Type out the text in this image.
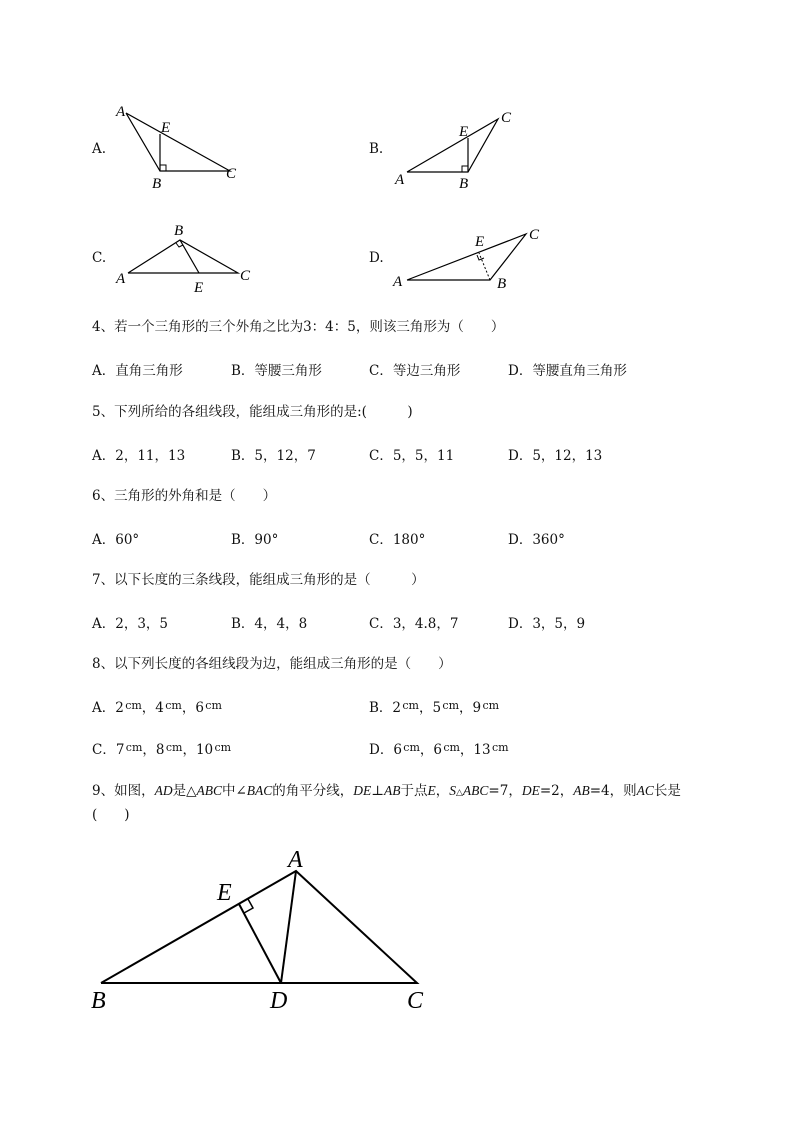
A.
A
E
B
C
B.
A
E
B
C
C.
A
B
E
C
D.
A
E
B
C
4、若一个三角形的三个外角之比为3：4：5，则该三角形为（　　）
A．直角三角形	B．等腰三角形	C．等边三角形	D．等腰直角三角形
5、下列所给的各组线段，能组成三角形的是:(　　　)
A．2，11，13	B．5，12，7	C．5，5，11	D．5，12，13
6、三角形的外角和是（　　）
A．60°	B．90°	C．180°	D．360°
7、以下长度的三条线段，能组成三角形的是（　　　）
A．2，3，5	B．4，4，8	C．3，4.8，7	D．3，5，9
8、以下列长度的各组线段为边，能组成三角形的是（　　）
A．2 $^{cm}$，4 $^{cm}$，6 $^{cm}$	B．2 $^{cm}$，5 $^{cm}$，9 $^{cm}$
C．7 $^{cm}$，8 $^{cm}$，10 $^{cm}$	D．6 $^{cm}$，6 $^{cm}$，13 $^{cm}$
9、如图，AD是△ABC中∠BAC的角平分线，DE⊥AB于点E，S△ABC=7，DE=2，AB=4，则AC长是
(　　)
A
E
B	D	C
